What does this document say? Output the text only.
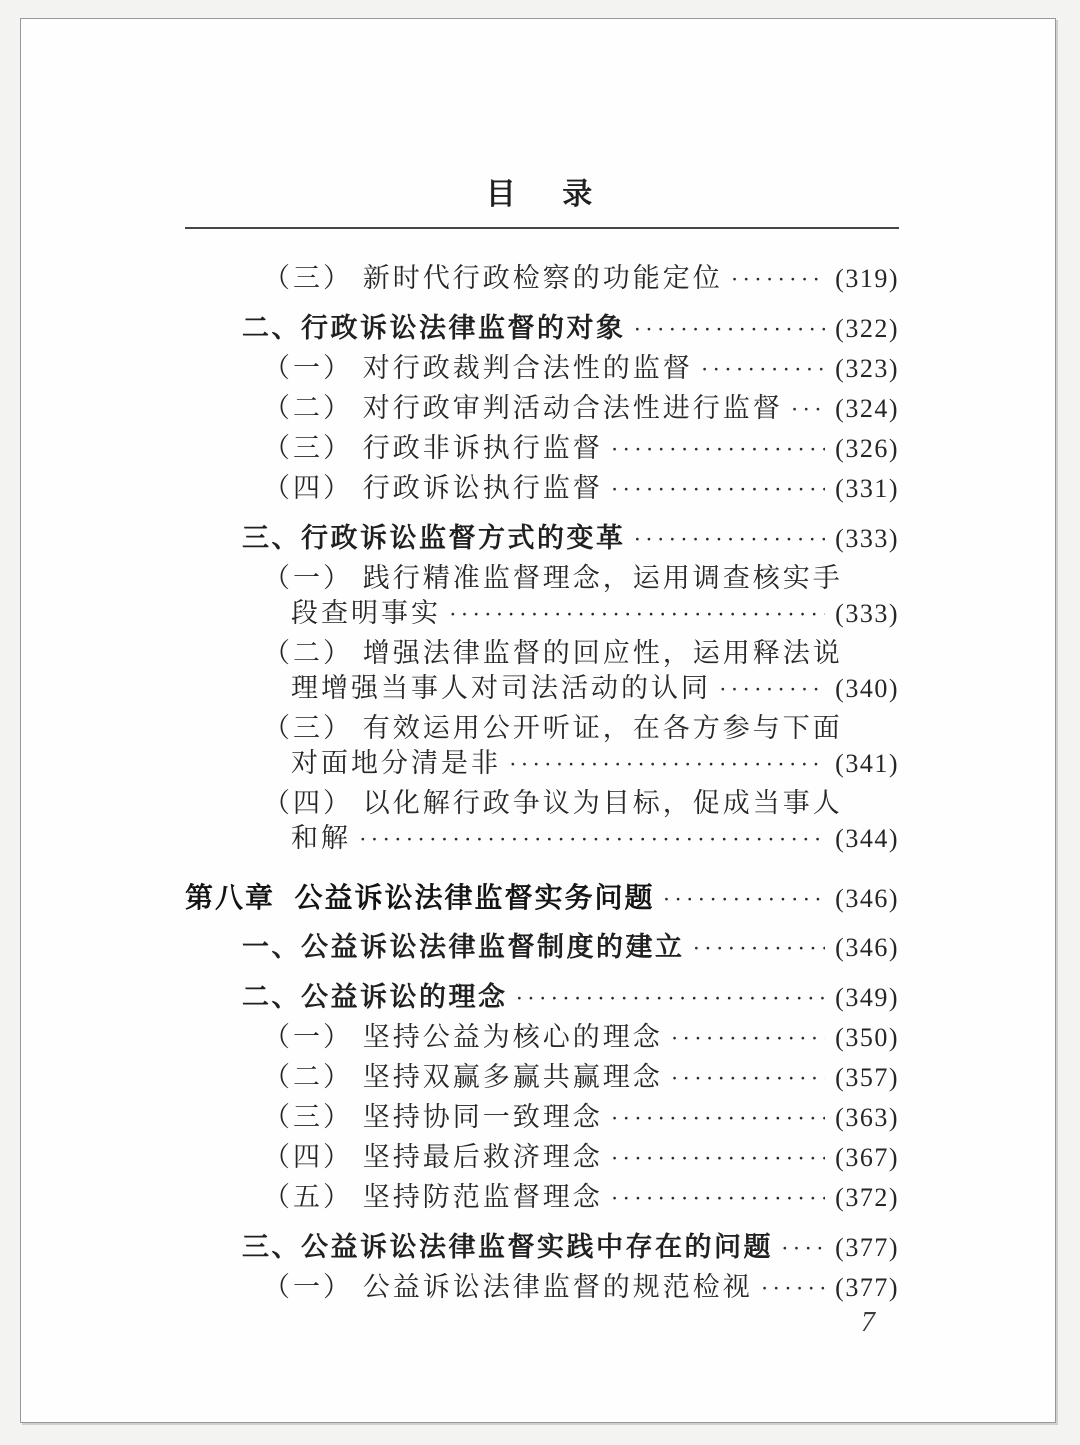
目   录
（三） 新时代行政检察的功能定位 ·····	(319)
二、行政诉讼法律监督的对象 ·····	(322)
（一） 对行政裁判合法性的监督 ·····	(323)
（二） 对行政审判活动合法性进行监督 ····· (324)
（三） 行政非诉执行监督 ·····	(326)
（四） 行政诉讼执行监督 ·····	(331)
三、行政诉讼监督方式的变革 ·····	(333)
（一） 践行精准监督理念，运用调查核实手
段查明事实 ·····	(333)
（二） 增强法律监督的回应性，运用释法说
理增强当事人对司法活动的认同 ·····	(340)
（三） 有效运用公开听证，在各方参与下面
对面地分清是非 ·····	(341)
（四） 以化解行政争议为目标，促成当事人
和解 ·····	(344)
第八章  公益诉讼法律监督实务问题 ·····	(346)
一、公益诉讼法律监督制度的建立 ·····	(346)
二、公益诉讼的理念 ·····	(349)
（一） 坚持公益为核心的理念 ·····	(350)
（二） 坚持双赢多赢共赢理念 ·····	(357)
（三） 坚持协同一致理念 ·····	(363)
（四） 坚持最后救济理念 ·····	(367)
（五） 坚持防范监督理念 ·····	(372)
三、公益诉讼法律监督实践中存在的问题 ····· (377)
（一） 公益诉讼法律监督的规范检视 ·····	(377)
7
